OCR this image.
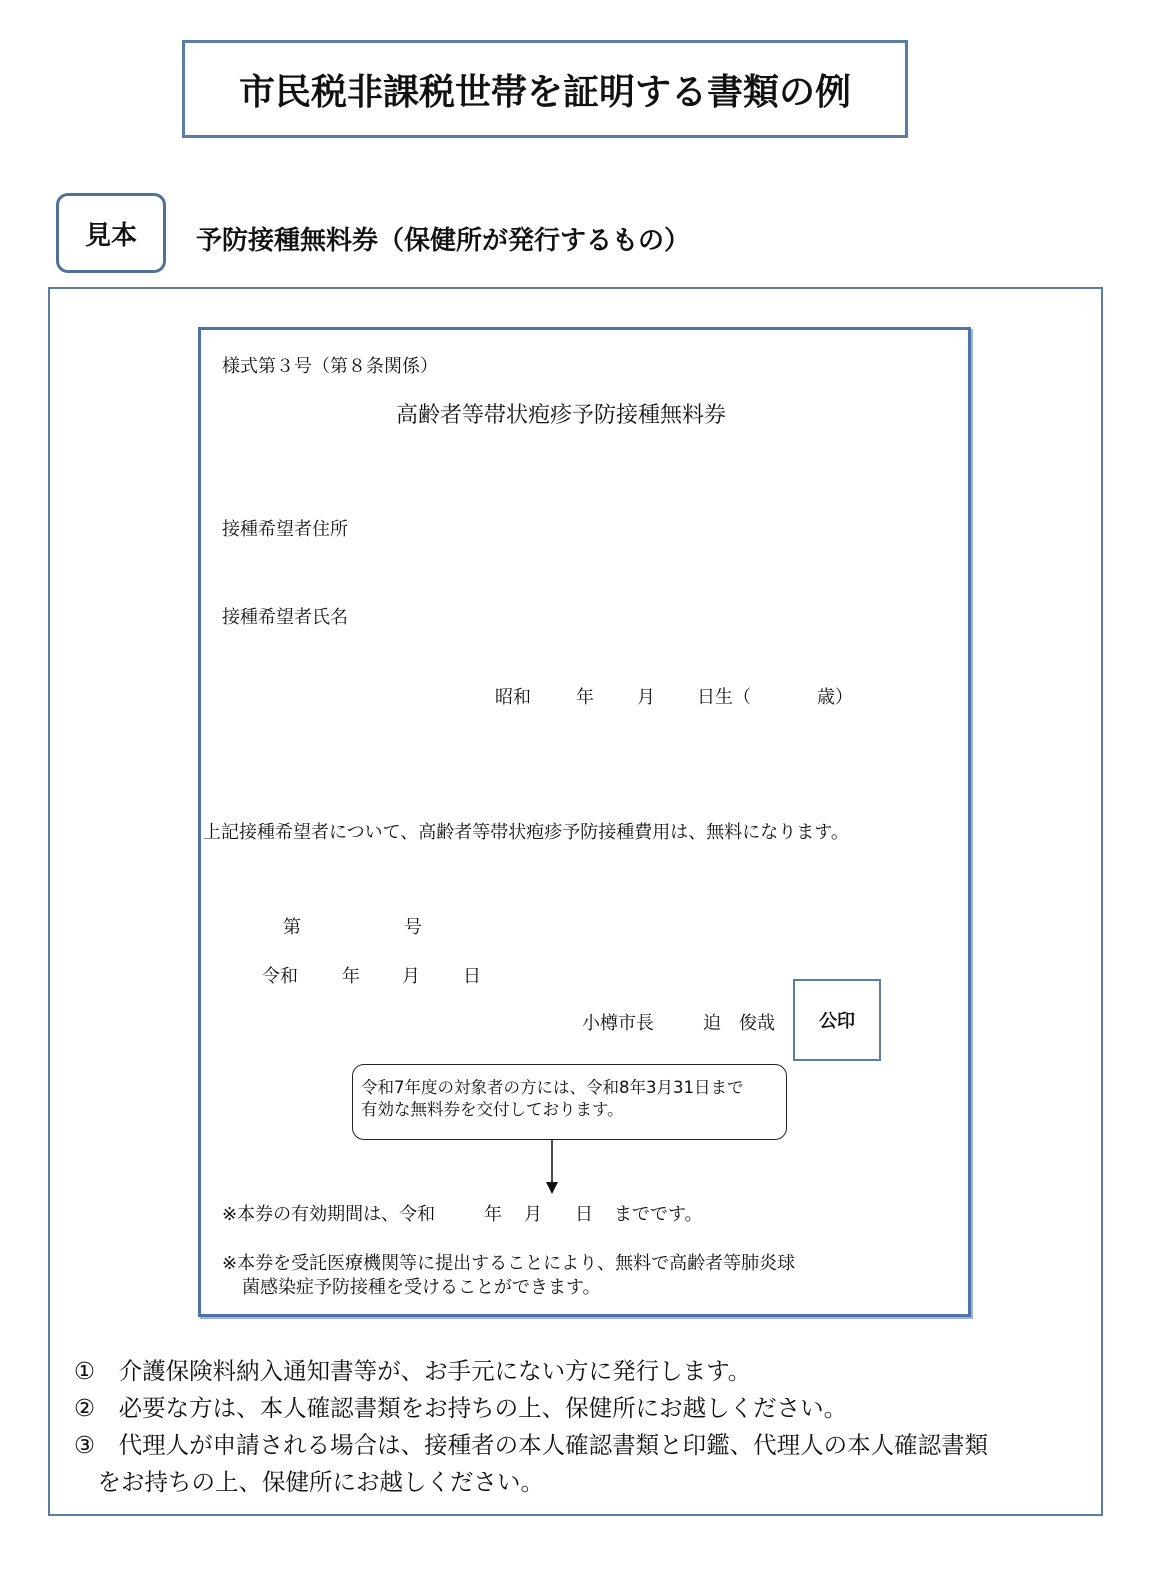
市民税非課税世帯を証明する書類の例
見本	予防接種無料券（保健所が発行するもの）
様式第３号（第８条関係）
高齢者等帯状疱疹予防接種無料券
接種希望者住所
接種希望者氏名
昭和	年 月 日生（	歳）
上記接種希望者について、高齢者等帯状疱疹予防接種費用は、無料になります。
第	号
令和 年 月 日
小樽市長	迫　俊哉	公印
令和7年度の対象者の方には、令和8年3月31日まで
有効な無料券を交付しております。
※本券の有効期間は、令和	年 月 日 までです。
※本券を受託医療機関等に提出することにより、無料で高齢者等肺炎球
菌感染症予防接種を受けることができます。
①　介護保険料納入通知書等が、お手元にない方に発行します。
②　必要な方は、本人確認書類をお持ちの上、保健所にお越しください。
③　代理人が申請される場合は、接種者の本人確認書類と印鑑、代理人の本人確認書類
　をお持ちの上、保健所にお越しください。
